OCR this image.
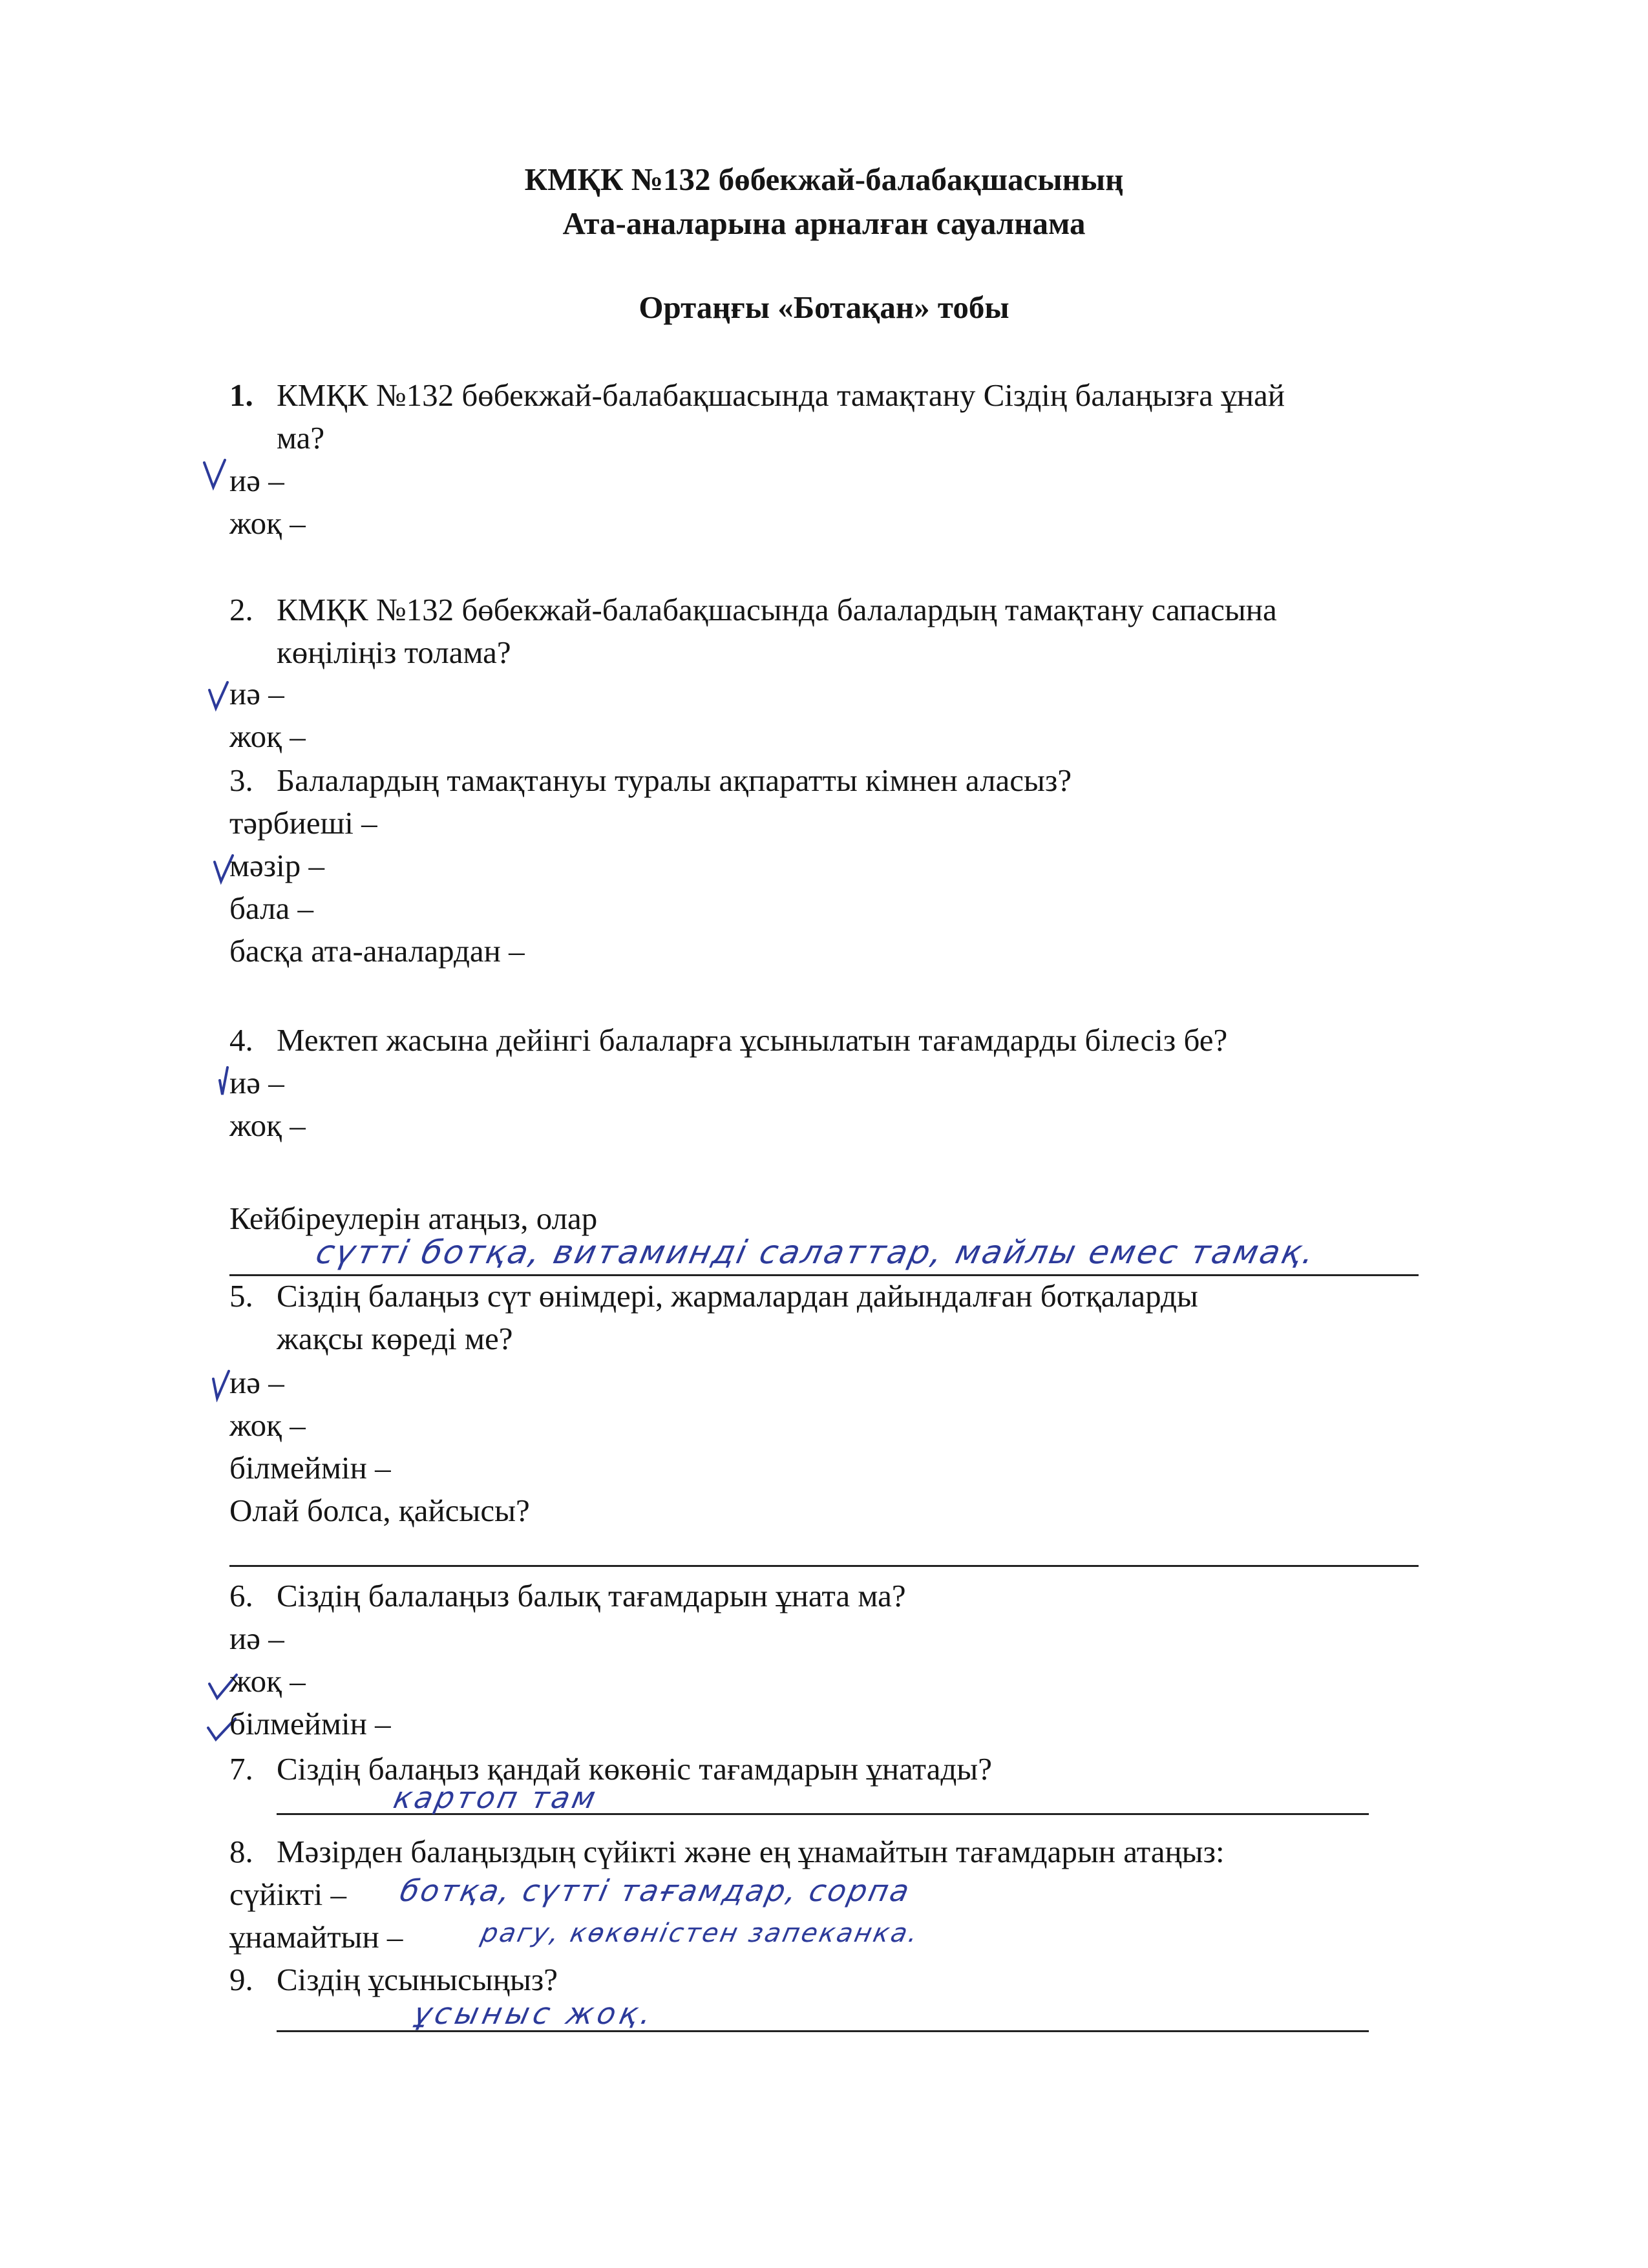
КМҚК №132 бөбекжай-балабақшасының
Ата-аналарына арналған сауалнама
Ортаңғы «Ботақан» тобы
1. КМҚК №132 бөбекжай-балабақшасында тамақтану Сіздің балаңызға ұнай
ма?
иә –
жоқ –
2. КМҚК №132 бөбекжай-балабақшасында балалардың тамақтану сапасына
көңіліңіз толама?
иә –
жоқ –
3. Балалардың тамақтануы туралы ақпаратты кімнен аласыз?
тәрбиеші –
мәзір –
бала –
басқа ата-аналардан –
4. Мектеп жасына дейінгі балаларға ұсынылатын тағамдарды білесіз бе?
иә –
жоқ –
Кейбіреулерін атаңыз, олар
сүтті ботқа, витаминді салаттар, майлы емес тамақ.
5. Сіздің балаңыз сүт өнімдері, жармалардан дайындалған ботқаларды
жақсы көреді ме?
иә –
жоқ –
білмеймін –
Олай болса, қайсысы?
6. Сіздің балалаңыз балық тағамдарын ұната ма?
иә –
жоқ –
білмеймін –
7. Сіздің балаңыз қандай көкөніс тағамдарын ұнатады?
картоп там
8. Мәзірден балаңыздың сүйікті және ең ұнамайтын тағамдарын атаңыз:
сүйікті – ботқа, сүтті тағамдар, сорпа
ұнамайтын –	рагу, көкөністен запеканка.
9. Сіздің ұсынысыңыз?
ұсыныс жоқ.
